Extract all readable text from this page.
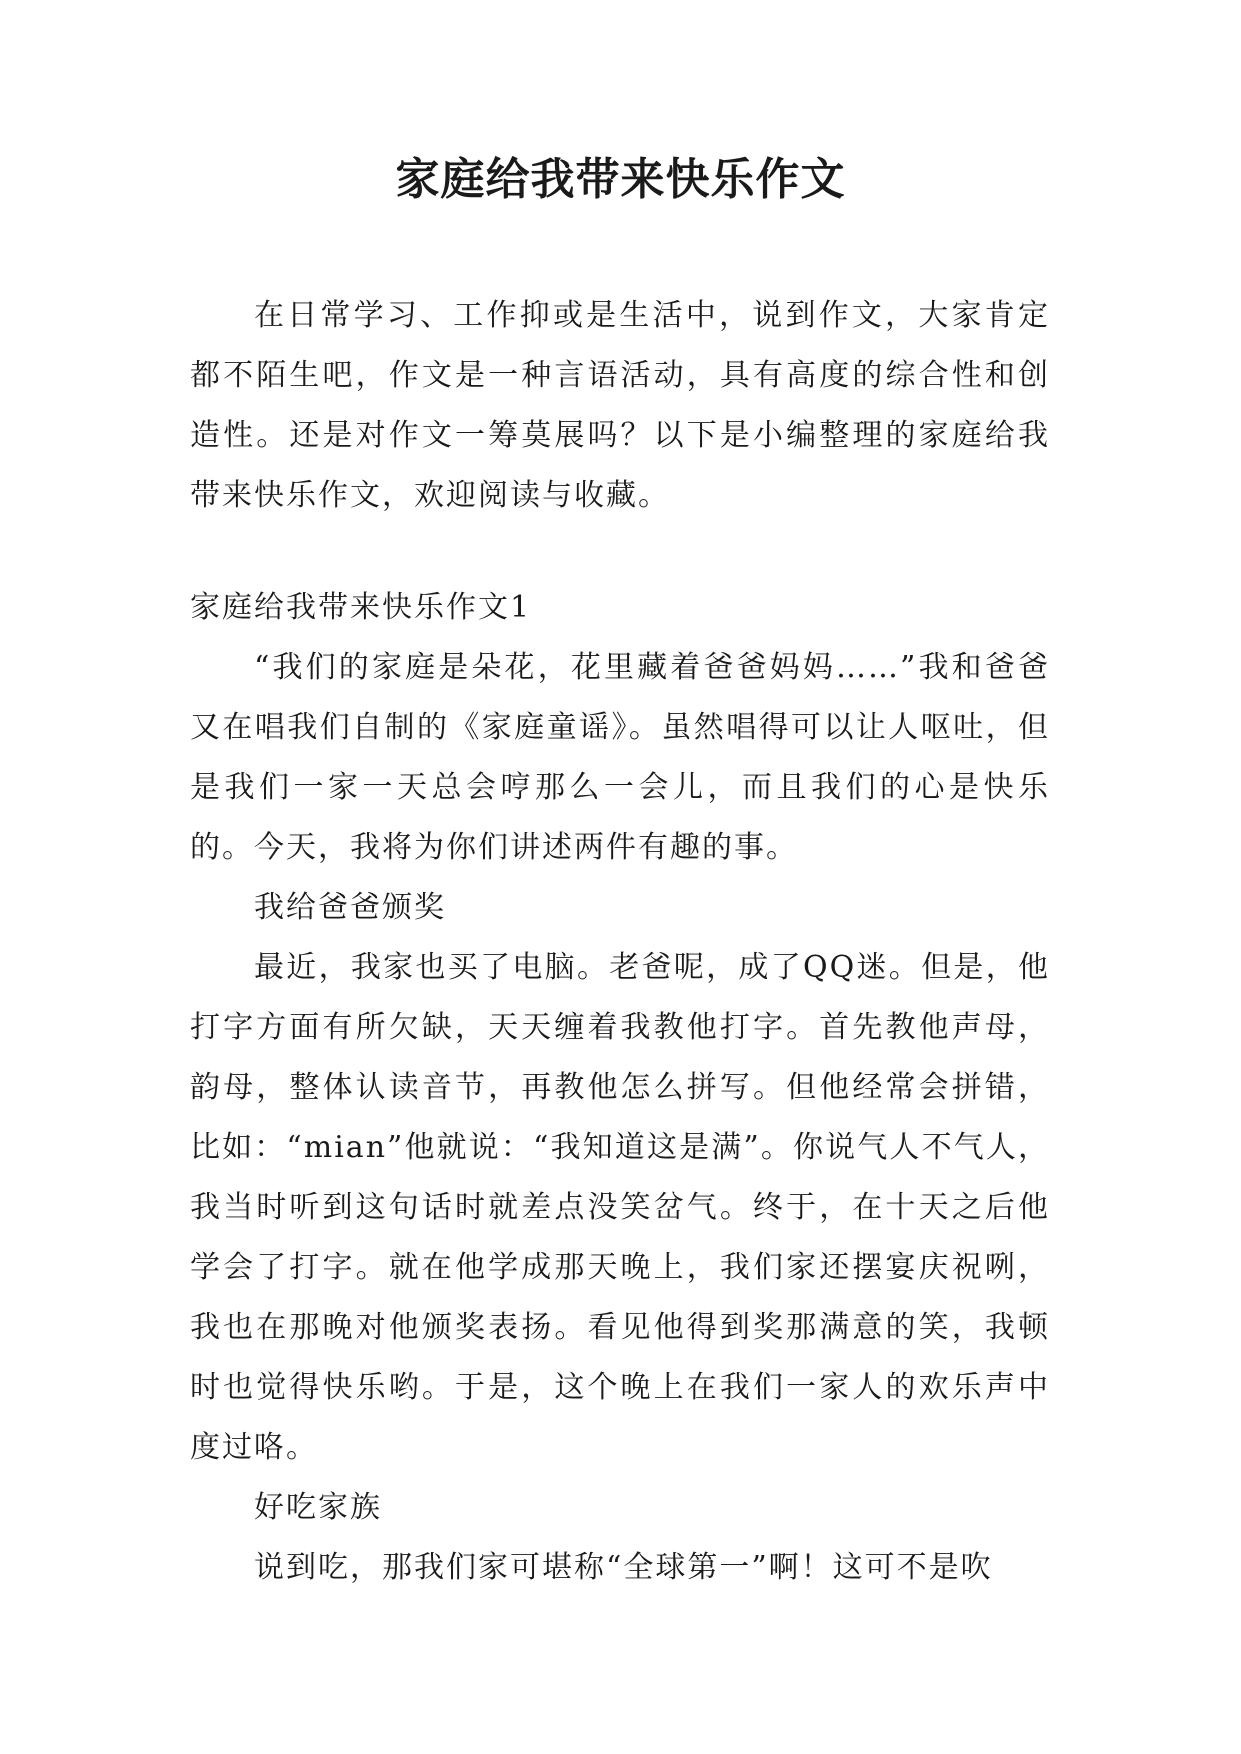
家庭给我带来快乐作文

在日常学习、工作抑或是生活中，说到作文，大家肯定都不陌生吧，作文是一种言语活动，具有高度的综合性和创造性。还是对作文一筹莫展吗？以下是小编整理的家庭给我带来快乐作文，欢迎阅读与收藏。

家庭给我带来快乐作文1

“我们的家庭是朵花，花里藏着爸爸妈妈……”我和爸爸又在唱我们自制的《家庭童谣》。虽然唱得可以让人呕吐，但是我们一家一天总会哼那么一会儿，而且我们的心是快乐的。今天，我将为你们讲述两件有趣的事。

我给爸爸颁奖

最近，我家也买了电脑。老爸呢，成了QQ迷。但是，他打字方面有所欠缺，天天缠着我教他打字。首先教他声母，韵母，整体认读音节，再教他怎么拼写。但他经常会拼错，比如：“mian”他就说：“我知道这是满”。你说气人不气人，我当时听到这句话时就差点没笑岔气。终于，在十天之后他学会了打字。就在他学成那天晚上，我们家还摆宴庆祝咧，我也在那晚对他颁奖表扬。看见他得到奖那满意的笑，我顿时也觉得快乐哟。于是，这个晚上在我们一家人的欢乐声中度过咯。

好吃家族

说到吃，那我们家可堪称“全球第一”啊！这可不是吹
